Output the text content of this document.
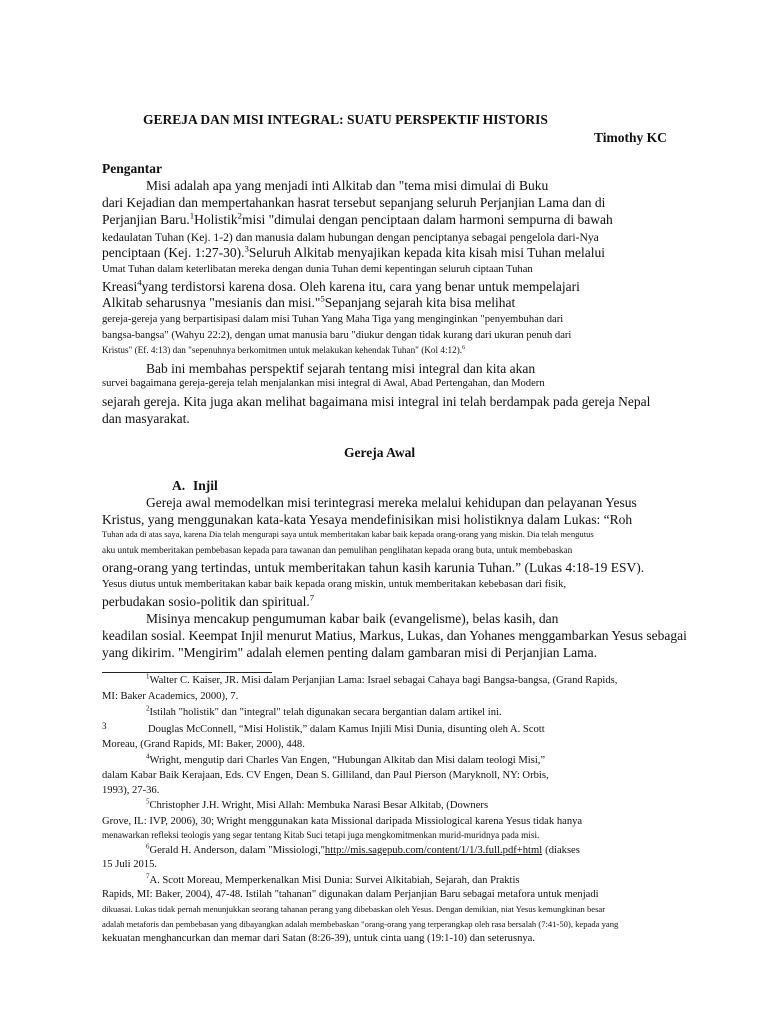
GEREJA DAN MISI INTEGRAL: SUATU PERSPEKTIF HISTORIS
Timothy KC
Pengantar
Misi adalah apa yang menjadi inti Alkitab dan "tema misi dimulai di Buku
dari Kejadian dan mempertahankan hasrat tersebut sepanjang seluruh Perjanjian Lama dan di
Perjanjian Baru.$^1$Holistik$^2$misi "dimulai dengan penciptaan dalam harmoni sempurna di bawah
kedaulatan Tuhan (Kej. 1-2) dan manusia dalam hubungan dengan penciptanya sebagai pengelola dari-Nya
penciptaan (Kej. 1:27-30).$^3$Seluruh Alkitab menyajikan kepada kita kisah misi Tuhan melalui
Umat Tuhan dalam keterlibatan mereka dengan dunia Tuhan demi kepentingan seluruh ciptaan Tuhan
Kreasi$^4$yang terdistorsi karena dosa. Oleh karena itu, cara yang benar untuk mempelajari
Alkitab seharusnya "mesianis dan misi."$^5$Sepanjang sejarah kita bisa melihat
gereja-gereja yang berpartisipasi dalam misi Tuhan Yang Maha Tiga yang menginginkan "penyembuhan dari
bangsa-bangsa" (Wahyu 22:2), dengan umat manusia baru "diukur dengan tidak kurang dari ukuran penuh dari
Kristus" (Ef. 4:13) dan "sepenuhnya berkomitmen untuk melakukan kehendak Tuhan" (Kol 4:12).$^6$
Bab ini membahas perspektif sejarah tentang misi integral dan kita akan
survei bagaimana gereja-gereja telah menjalankan misi integral di Awal, Abad Pertengahan, dan Modern
sejarah gereja. Kita juga akan melihat bagaimana misi integral ini telah berdampak pada gereja Nepal
dan masyarakat.
Gereja Awal
A. Injil
Gereja awal memodelkan misi terintegrasi mereka melalui kehidupan dan pelayanan Yesus
Kristus, yang menggunakan kata-kata Yesaya mendefinisikan misi holistiknya dalam Lukas: “Roh
Tuhan ada di atas saya, karena Dia telah mengurapi saya untuk memberitakan kabar baik kepada orang-orang yang miskin. Dia telah mengutus
aku untuk memberitakan pembebasan kepada para tawanan dan pemulihan penglihatan kepada orang buta, untuk membebaskan
orang-orang yang tertindas, untuk memberitakan tahun kasih karunia Tuhan.” (Lukas 4:18-19 ESV).
Yesus diutus untuk memberitakan kabar baik kepada orang miskin, untuk memberitakan kebebasan dari fisik,
perbudakan sosio-politik dan spiritual.$^7$
Misinya mencakup pengumuman kabar baik (evangelisme), belas kasih, dan
keadilan sosial. Keempat Injil menurut Matius, Markus, Lukas, dan Yohanes menggambarkan Yesus sebagai
yang dikirim. "Mengirim" adalah elemen penting dalam gambaran misi di Perjanjian Lama.
$^1$Walter C. Kaiser, JR. Misi dalam Perjanjian Lama: Israel sebagai Cahaya bagi Bangsa-bangsa, (Grand Rapids,
MI: Baker Academics, 2000), 7.
$^2$Istilah "holistik" dan "integral" telah digunakan secara bergantian dalam artikel ini.
3	Douglas McConnell, “Misi Holistik,” dalam Kamus Injili Misi Dunia, disunting oleh A. Scott
Moreau, (Grand Rapids, MI: Baker, 2000), 448.
$^4$Wright, mengutip dari Charles Van Engen, “Hubungan Alkitab dan Misi dalam teologi Misi,”
dalam Kabar Baik Kerajaan, Eds. CV Engen, Dean S. Gilliland, dan Paul Pierson (Maryknoll, NY: Orbis,
1993), 27-36.
$^5$Christopher J.H. Wright, Misi Allah: Membuka Narasi Besar Alkitab, (Downers
Grove, IL: IVP, 2006), 30; Wright menggunakan kata Missional daripada Missiological karena Yesus tidak hanya
menawarkan refleksi teologis yang segar tentang Kitab Suci tetapi juga mengkomitmenkan murid-muridnya pada misi.
$^6$Gerald H. Anderson, dalam "Missiologi,"http://mis.sagepub.com/content/1/1/3.full.pdf+html (diakses
15 Juli 2015.
$^7$A. Scott Moreau, Memperkenalkan Misi Dunia: Survei Alkitabiah, Sejarah, dan Praktis
Rapids, MI: Baker, 2004), 47-48. Istilah "tahanan" digunakan dalam Perjanjian Baru sebagai metafora untuk menjadi
dikuasai. Lukas tidak pernah menunjukkan seorang tahanan perang yang dibebaskan oleh Yesus. Dengan demikian, niat Yesus kemungkinan besar
adalah metaforis dan pembebasan yang dibayangkan adalah membebaskan "orang-orang yang terperangkap oleh rasa bersalah (7:41-50), kepada yang
kekuatan menghancurkan dan memar dari Satan (8:26-39), untuk cinta uang (19:1-10) dan seterusnya.
